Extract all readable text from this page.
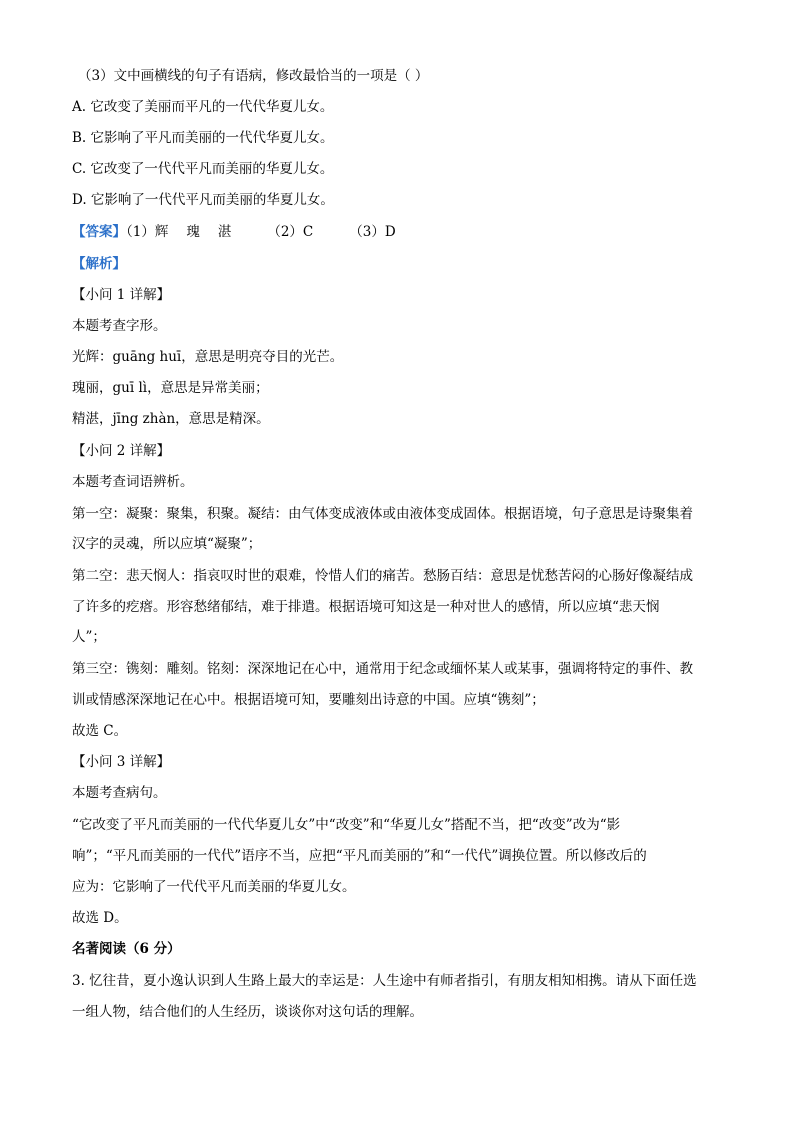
（3）文中画横线的句子有语病，修改最恰当的一项是（ ）
A. 它改变了美丽而平凡的一代代华夏儿女。
B. 它影响了平凡而美丽的一代代华夏儿女。
C. 它改变了一代代平凡而美丽的华夏儿女。
D. 它影响了一代代平凡而美丽的华夏儿女。
【答案】（1）辉 瑰 湛	（2）C	（3）D
【解析】
【小问 1 详解】
本题考查字形。
光辉：guāng huī，意思是明亮夺目的光芒。
瑰丽，guī lì，意思是异常美丽；
精湛，jīng zhàn，意思是精深。
【小问 2 详解】
本题考查词语辨析。
第一空：凝聚：聚集，积聚。凝结：由气体变成液体或由液体变成固体。根据语境，句子意思是诗聚集着
汉字的灵魂，所以应填“凝聚”；
第二空：悲天悯人：指哀叹时世的艰难，怜惜人们的痛苦。愁肠百结：意思是忧愁苦闷的心肠好像凝结成
了许多的疙瘩。形容愁绪郁结，难于排遣。根据语境可知这是一种对世人的感情，所以应填“悲天悯
人”；
第三空：镌刻：雕刻。铭刻：深深地记在心中，通常用于纪念或缅怀某人或某事，强调将特定的事件、教
训或情感深深地记在心中。根据语境可知，要雕刻出诗意的中国。应填“镌刻”；
故选 C。
【小问 3 详解】
本题考查病句。
“它改变了平凡而美丽的一代代华夏儿女”中“改变”和“华夏儿女”搭配不当，把“改变”改为“影
响”；“平凡而美丽的一代代”语序不当，应把“平凡而美丽的”和“一代代”调换位置。所以修改后的
应为：它影响了一代代平凡而美丽的华夏儿女。
故选 D。
名著阅读（6 分）
3. 忆往昔，夏小逸认识到人生路上最大的幸运是：人生途中有师者指引，有朋友相知相携。请从下面任选
一组人物，结合他们的人生经历，谈谈你对这句话的理解。
